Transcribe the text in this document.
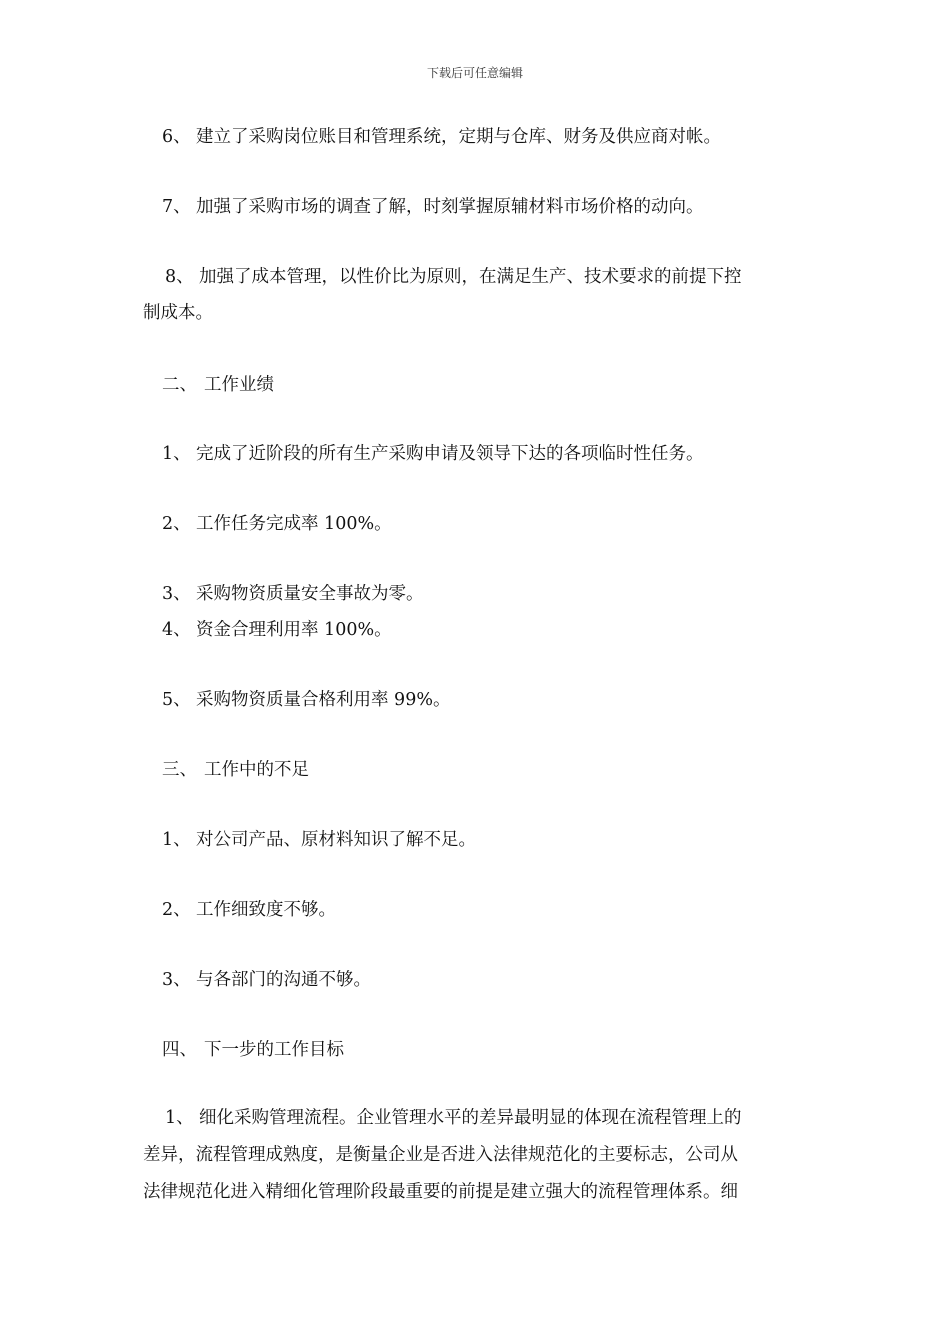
下载后可任意编辑
6、 建立了采购岗位账目和管理系统，定期与仓库、财务及供应商对帐。
7、 加强了采购市场的调查了解，时刻掌握原辅材料市场价格的动向。
8、 加强了成本管理，以性价比为原则，在满足生产、技术要求的前提下控
制成本。
二、 工作业绩
1、 完成了近阶段的所有生产采购申请及领导下达的各项临时性任务。
2、 工作任务完成率 100%。
3、 采购物资质量安全事故为零。
4、 资金合理利用率 100%。
5、 采购物资质量合格利用率 99%。
三、 工作中的不足
1、 对公司产品、原材料知识了解不足。
2、 工作细致度不够。
3、 与各部门的沟通不够。
四、 下一步的工作目标
1、 细化采购管理流程。企业管理水平的差异最明显的体现在流程管理上的
差异，流程管理成熟度，是衡量企业是否进入法律规范化的主要标志，公司从
法律规范化进入精细化管理阶段最重要的前提是建立强大的流程管理体系。细
